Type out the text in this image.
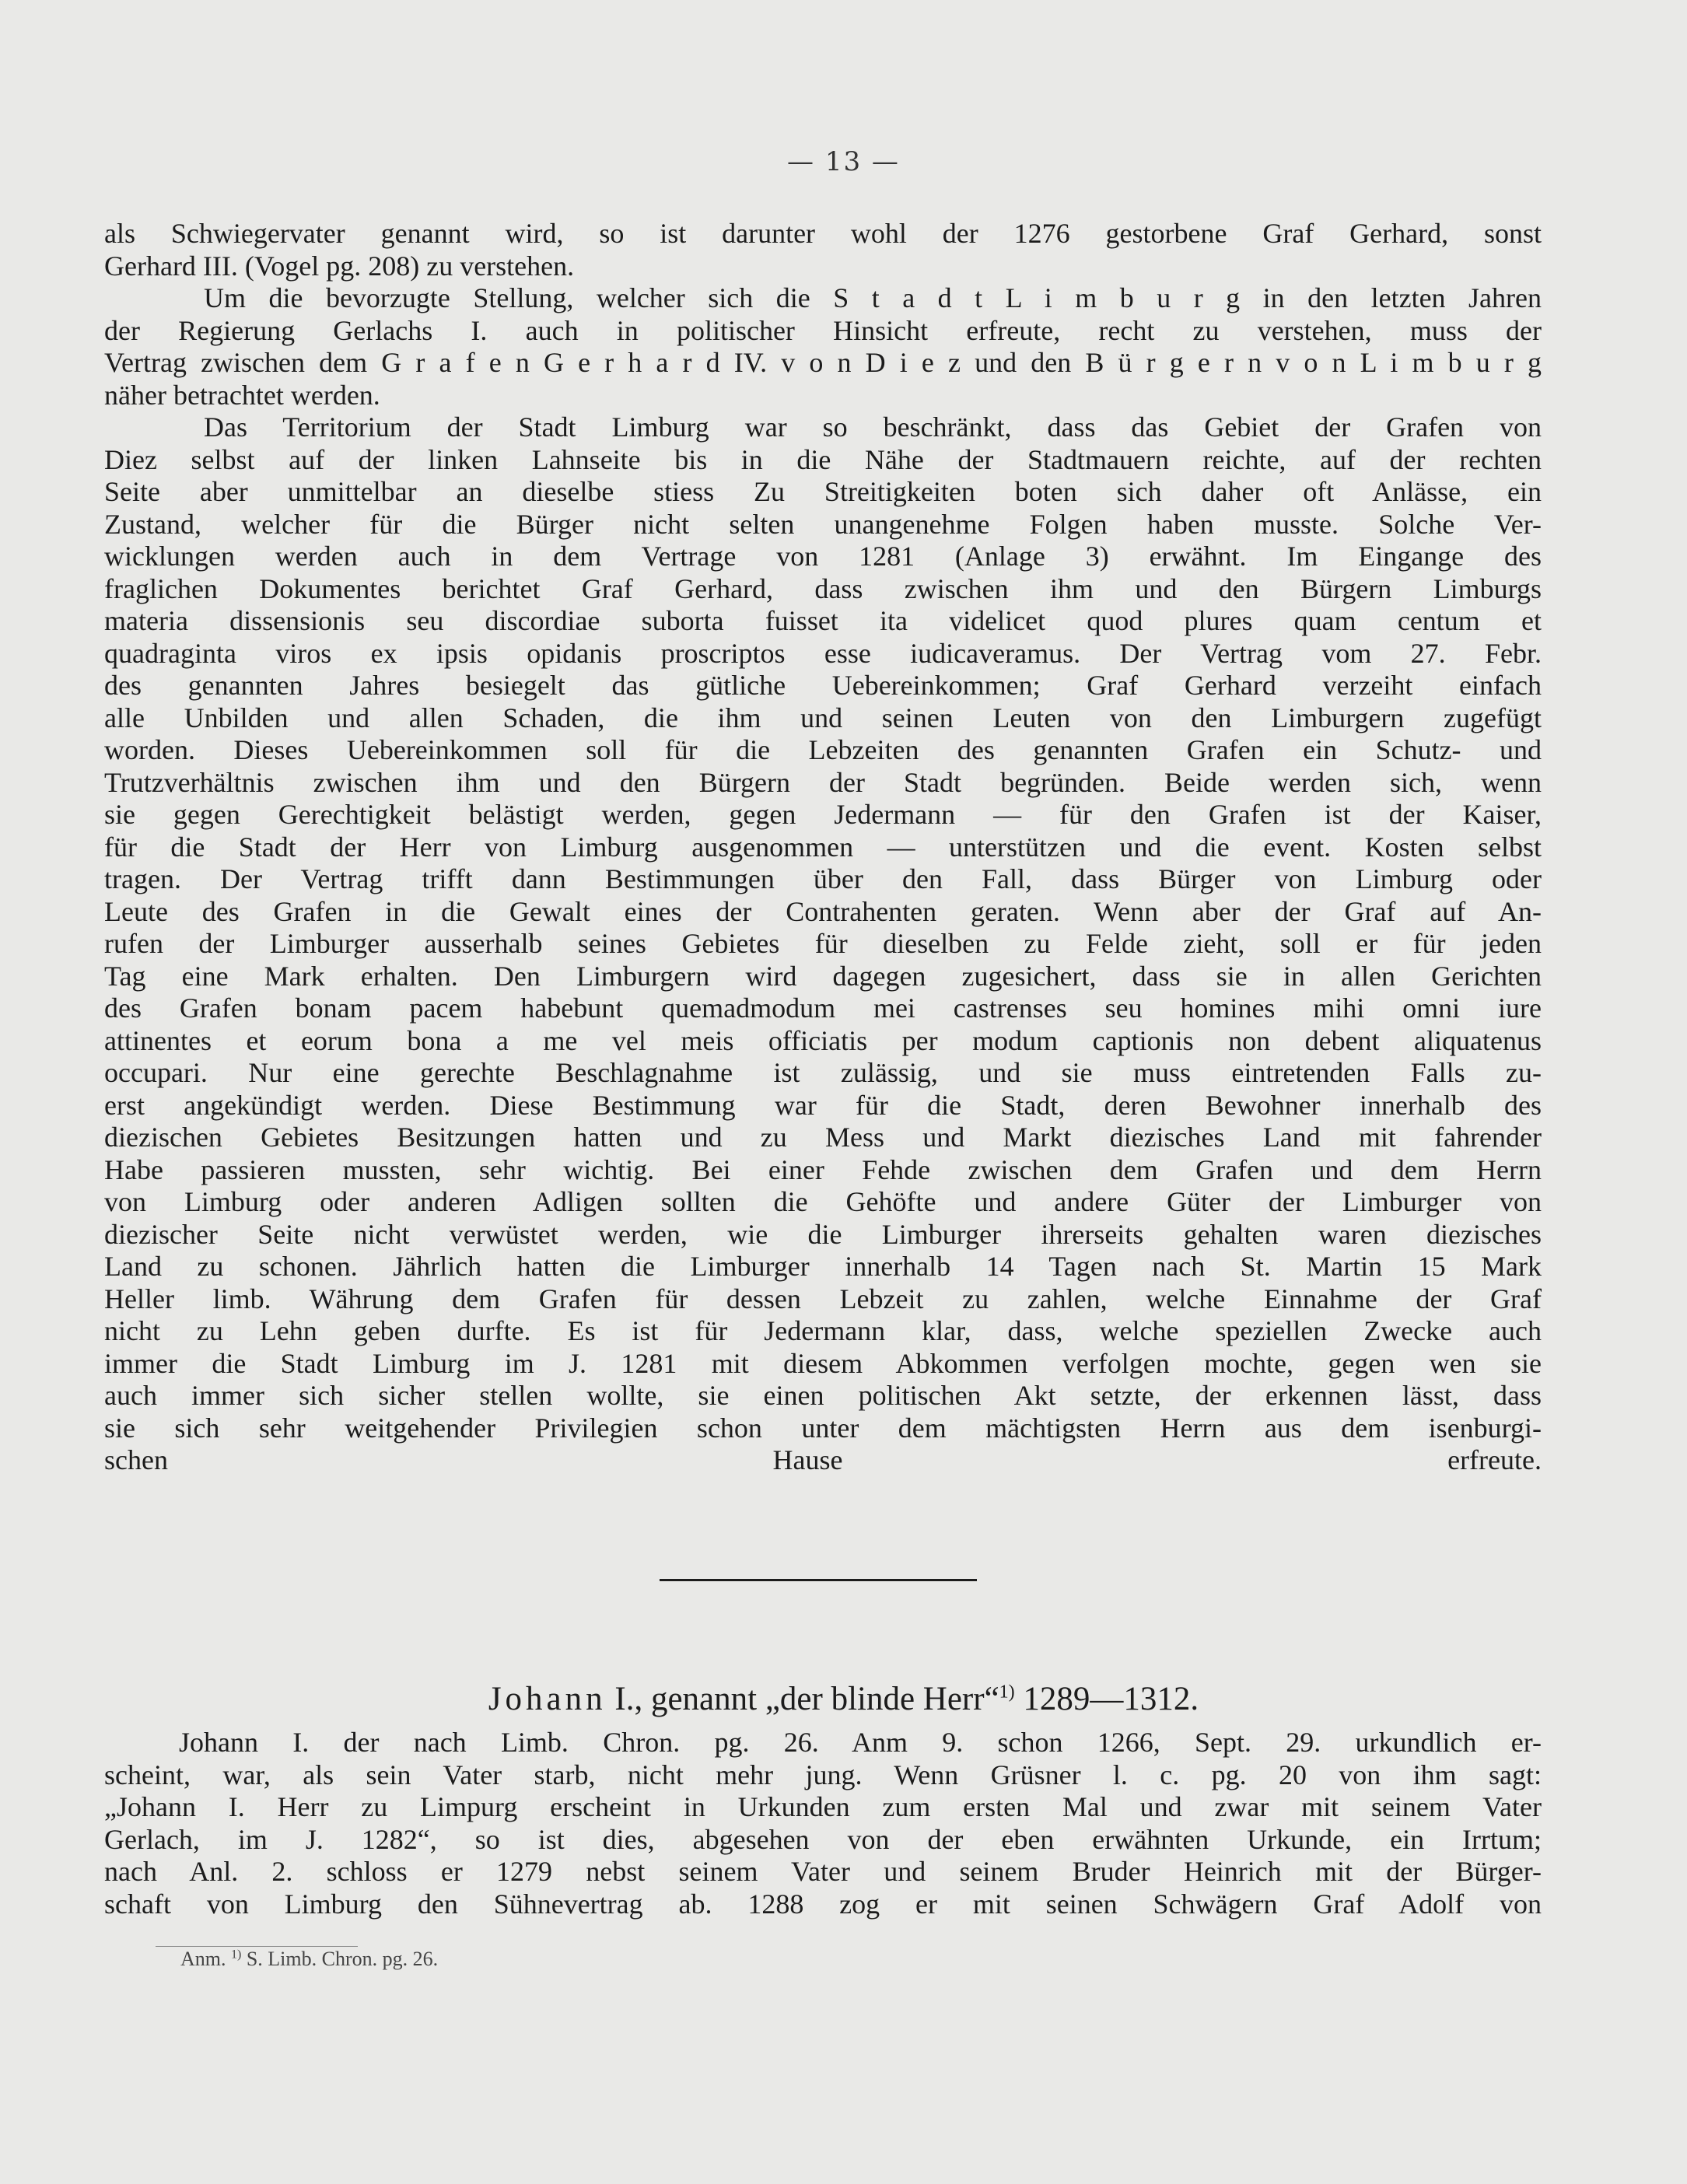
— 13 —
als Schwiegervater genannt wird, so ist darunter wohl der 1276 gestorbene Graf Gerhard, sonst
Gerhard III. (Vogel pg. 208) zu verstehen.
Um die bevorzugte Stellung, welcher sich die S t a d t L i m b u r g in den letzten Jahren
der Regierung Gerlachs I. auch in politischer Hinsicht erfreute, recht zu verstehen, muss der
Vertrag zwischen dem G r a f e n G e r h a r d IV. v o n D i e z und den B ü r g e r n v o n L i m b u r g
näher betrachtet werden.
Das Territorium der Stadt Limburg war so beschränkt, dass das Gebiet der Grafen von
Diez selbst auf der linken Lahnseite bis in die Nähe der Stadtmauern reichte, auf der rechten
Seite aber unmittelbar an dieselbe stiess Zu Streitigkeiten boten sich daher oft Anlässe, ein
Zustand, welcher für die Bürger nicht selten unangenehme Folgen haben musste. Solche Ver-
wicklungen werden auch in dem Vertrage von 1281 (Anlage 3) erwähnt. Im Eingange des
fraglichen Dokumentes berichtet Graf Gerhard, dass zwischen ihm und den Bürgern Limburgs
materia dissensionis seu discordiae suborta fuisset ita videlicet quod plures quam centum et
quadraginta viros ex ipsis opidanis proscriptos esse iudicaveramus. Der Vertrag vom 27. Febr.
des genannten Jahres besiegelt das gütliche Uebereinkommen; Graf Gerhard verzeiht einfach
alle Unbilden und allen Schaden, die ihm und seinen Leuten von den Limburgern zugefügt
worden. Dieses Uebereinkommen soll für die Lebzeiten des genannten Grafen ein Schutz- und
Trutzverhältnis zwischen ihm und den Bürgern der Stadt begründen. Beide werden sich, wenn
sie gegen Gerechtigkeit belästigt werden, gegen Jedermann — für den Grafen ist der Kaiser,
für die Stadt der Herr von Limburg ausgenommen — unterstützen und die event. Kosten selbst
tragen. Der Vertrag trifft dann Bestimmungen über den Fall, dass Bürger von Limburg oder
Leute des Grafen in die Gewalt eines der Contrahenten geraten. Wenn aber der Graf auf An-
rufen der Limburger ausserhalb seines Gebietes für dieselben zu Felde zieht, soll er für jeden
Tag eine Mark erhalten. Den Limburgern wird dagegen zugesichert, dass sie in allen Gerichten
des Grafen bonam pacem habebunt quemadmodum mei castrenses seu homines mihi omni iure
attinentes et eorum bona a me vel meis officiatis per modum captionis non debent aliquatenus
occupari. Nur eine gerechte Beschlagnahme ist zulässig, und sie muss eintretenden Falls zu-
erst angekündigt werden. Diese Bestimmung war für die Stadt, deren Bewohner innerhalb des
diezischen Gebietes Besitzungen hatten und zu Mess und Markt diezisches Land mit fahrender
Habe passieren mussten, sehr wichtig. Bei einer Fehde zwischen dem Grafen und dem Herrn
von Limburg oder anderen Adligen sollten die Gehöfte und andere Güter der Limburger von
diezischer Seite nicht verwüstet werden, wie die Limburger ihrerseits gehalten waren diezisches
Land zu schonen. Jährlich hatten die Limburger innerhalb 14 Tagen nach St. Martin 15 Mark
Heller limb. Währung dem Grafen für dessen Lebzeit zu zahlen, welche Einnahme der Graf
nicht zu Lehn geben durfte. Es ist für Jedermann klar, dass, welche speziellen Zwecke auch
immer die Stadt Limburg im J. 1281 mit diesem Abkommen verfolgen mochte, gegen wen sie
auch immer sich sicher stellen wollte, sie einen politischen Akt setzte, der erkennen lässt, dass
sie sich sehr weitgehender Privilegien schon unter dem mächtigsten Herrn aus dem isenburgi-
schen Hause erfreute.
Johann I., genannt „der blinde Herr“$^{1)}$ 1289—1312.
Johann I. der nach Limb. Chron. pg. 26. Anm 9. schon 1266, Sept. 29. urkundlich er-
scheint, war, als sein Vater starb, nicht mehr jung. Wenn Grüsner l. c. pg. 20 von ihm sagt:
„Johann I. Herr zu Limpurg erscheint in Urkunden zum ersten Mal und zwar mit seinem Vater
Gerlach, im J. 1282“, so ist dies, abgesehen von der eben erwähnten Urkunde, ein Irrtum;
nach Anl. 2. schloss er 1279 nebst seinem Vater und seinem Bruder Heinrich mit der Bürger-
schaft von Limburg den Sühnevertrag ab. 1288 zog er mit seinen Schwägern Graf Adolf von
Anm. $^{1)}$ S. Limb. Chron. pg. 26.
